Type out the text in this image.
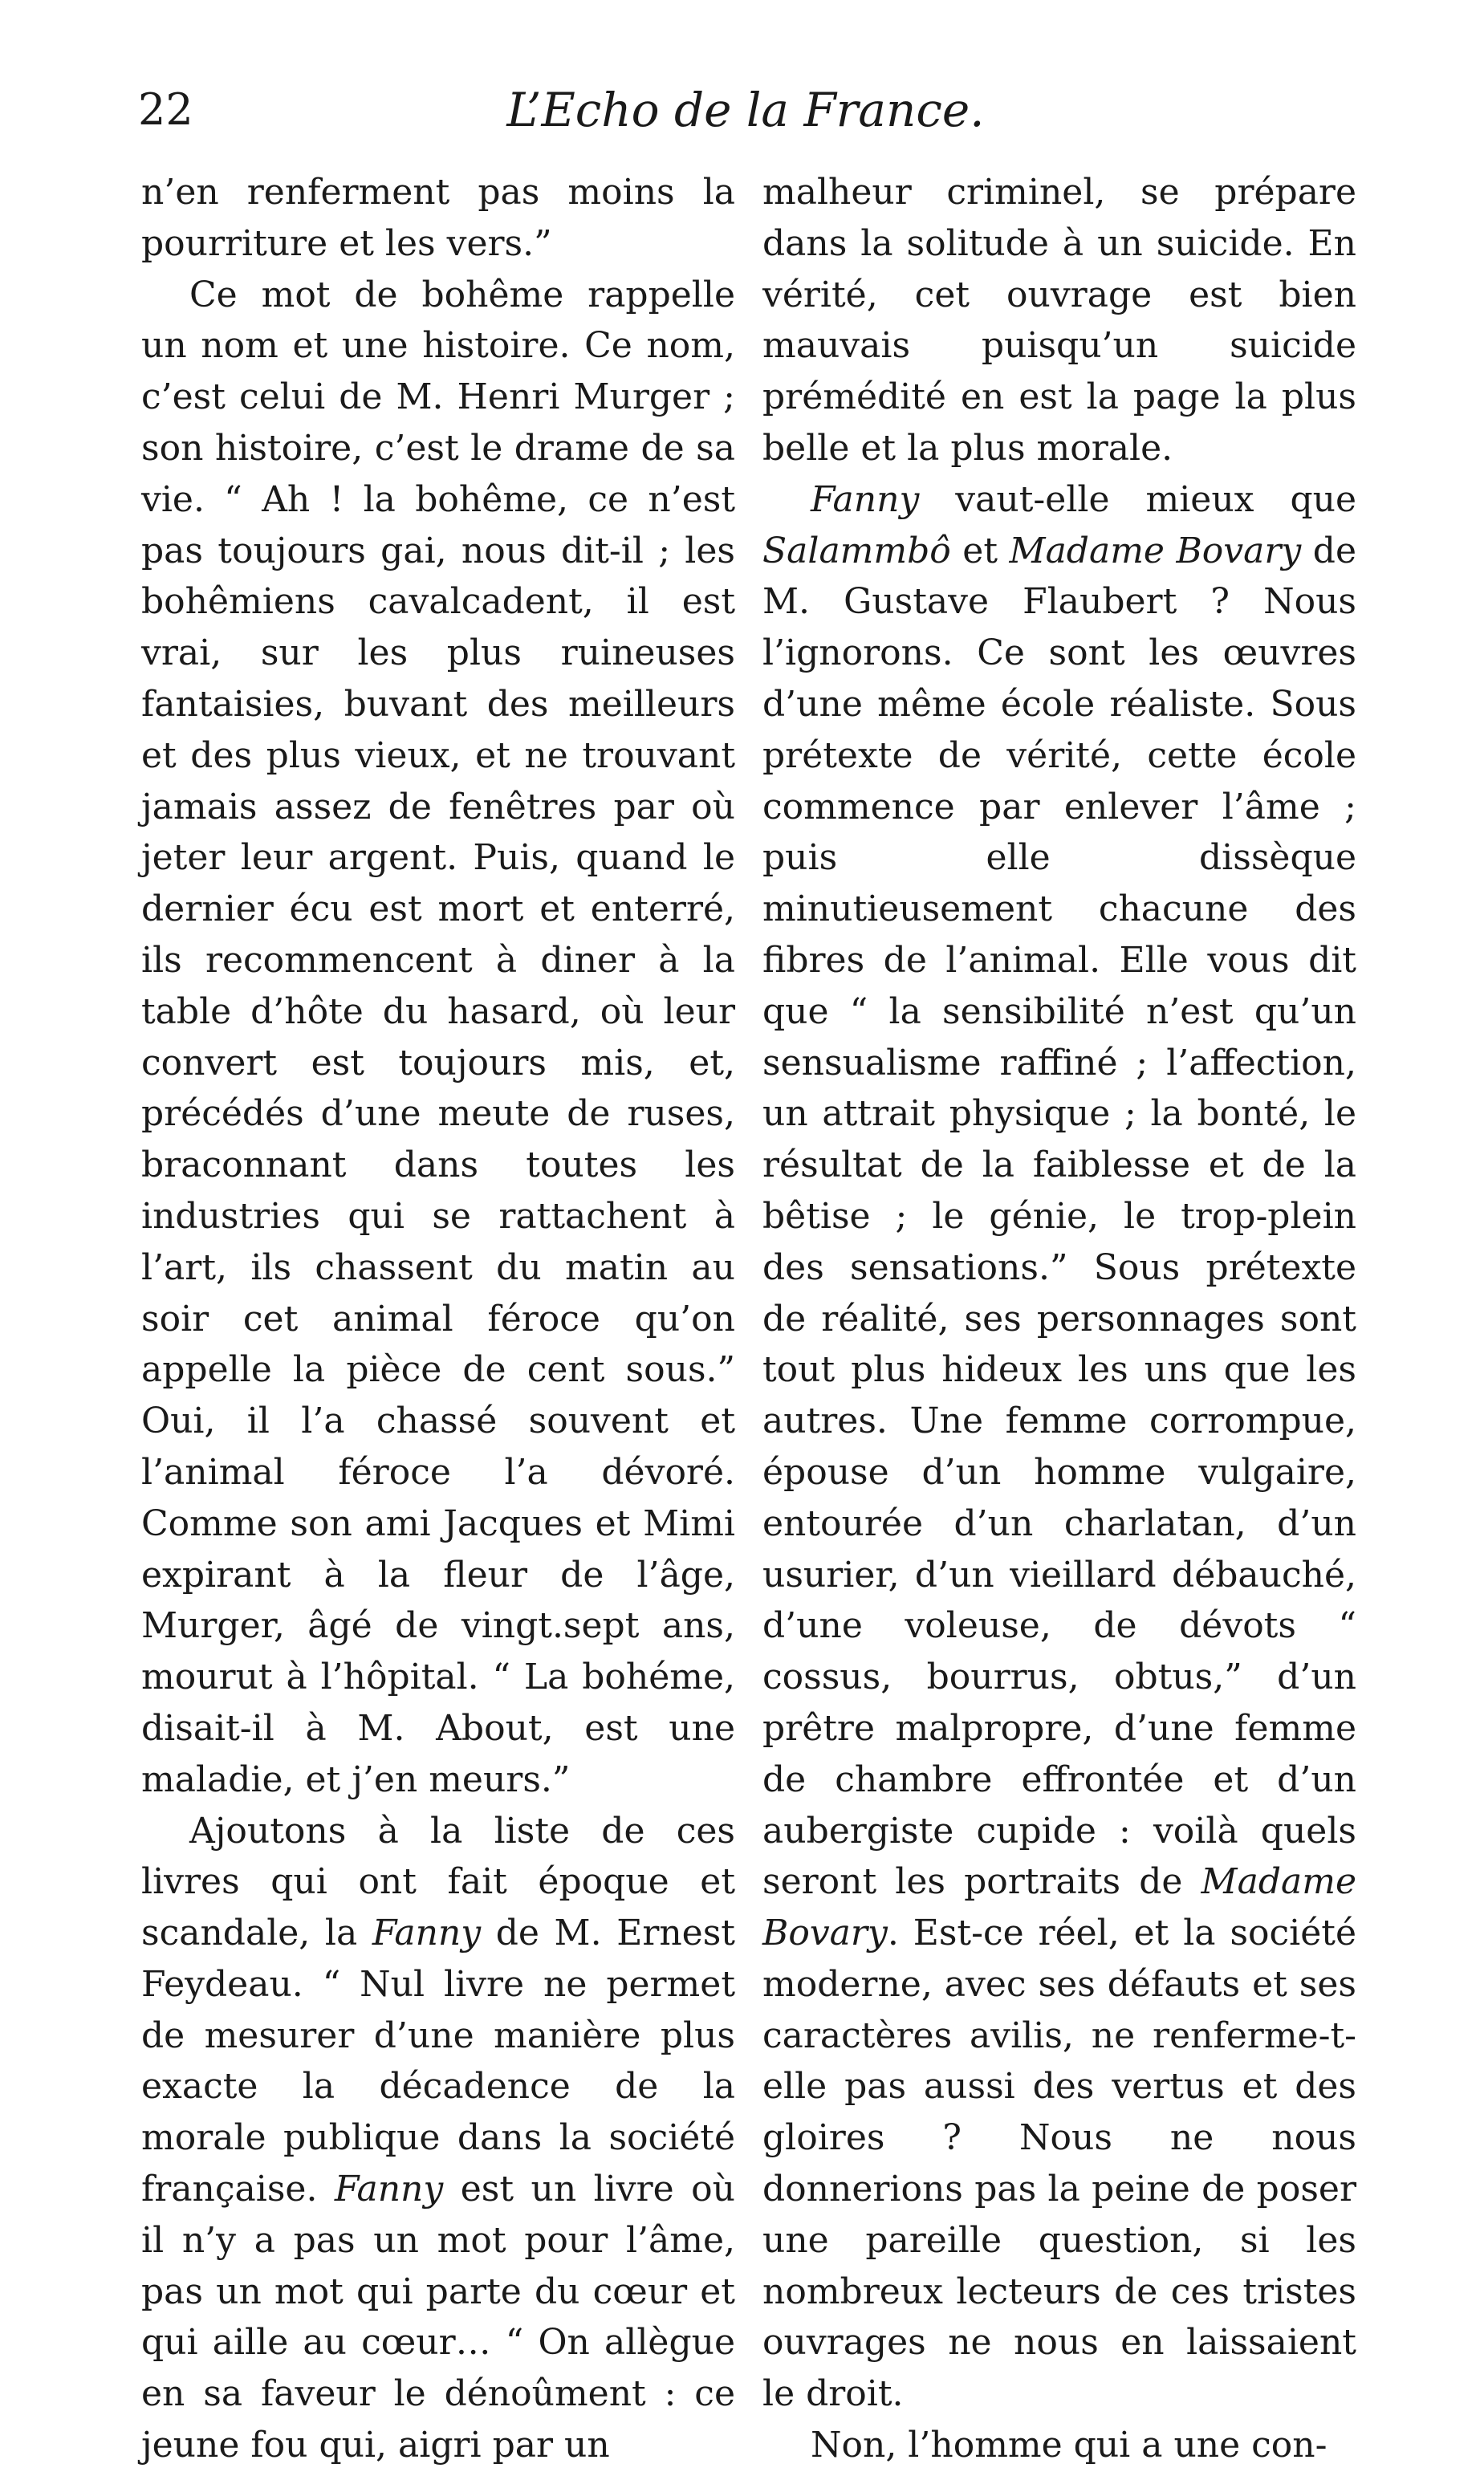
22	L’Echo de la France.

n’en renferment pas moins la pourriture et les vers.”

Ce mot de bohême rappelle un nom et une histoire. Ce nom, c’est celui de M. Henri Murger ; son histoire, c’est le drame de sa vie. “ Ah ! la bohême, ce n’est pas toujours gai, nous dit-il ; les bohêmiens cavalcadent, il est vrai, sur les plus ruineuses fantaisies, buvant des meilleurs et des plus vieux, et ne trouvant jamais assez de fenêtres par où jeter leur argent. Puis, quand le dernier écu est mort et enterré, ils recommencent à diner à la table d’hôte du hasard, où leur convert est toujours mis, et, précédés d’une meute de ruses, braconnant dans toutes les industries qui se rattachent à l’art, ils chassent du matin au soir cet animal féroce qu’on appelle la pièce de cent sous.” Oui, il l’a chassé souvent et l’animal féroce l’a dévoré. Comme son ami Jacques et Mimi expirant à la fleur de l’âge, Murger, âgé de vingt.sept ans, mourut à l’hôpital. “ La bohéme, disait-il à M. About, est une maladie, et j’en meurs.”

Ajoutons à la liste de ces livres qui ont fait époque et scandale, la Fanny de M. Ernest Feydeau. “ Nul livre ne permet de mesurer d’une manière plus exacte la décadence de la morale publique dans la société française. Fanny est un livre où il n’y a pas un mot pour l’âme, pas un mot qui parte du cœur et qui aille au cœur… “ On allègue en sa faveur le dénoûment : ce jeune fou qui, aigri par un

malheur criminel, se prépare dans la solitude à un suicide. En vérité, cet ouvrage est bien mauvais puisqu’un suicide prémédité en est la page la plus belle et la plus morale.

Fanny vaut-elle mieux que Salammbô et Madame Bovary de M. Gustave Flaubert ? Nous l’ignorons. Ce sont les œuvres d’une même école réaliste. Sous prétexte de vérité, cette école commence par enlever l’âme ; puis elle dissèque minutieusement chacune des fibres de l’animal. Elle vous dit que “ la sensibilité n’est qu’un sensualisme raffiné ; l’affection, un attrait physique ; la bonté, le résultat de la faiblesse et de la bêtise ; le génie, le trop-plein des sensations.” Sous prétexte de réalité, ses personnages sont tout plus hideux les uns que les autres. Une femme corrompue, épouse d’un homme vulgaire, entourée d’un charlatan, d’un usurier, d’un vieillard débauché, d’une voleuse, de dévots “ cossus, bourrus, obtus,” d’un prêtre malpropre, d’une femme de chambre effrontée et d’un aubergiste cupide : voilà quels seront les portraits de Madame Bovary. Est-ce réel, et la société moderne, avec ses défauts et ses caractères avilis, ne renferme-t-elle pas aussi des vertus et des gloires ? Nous ne nous donnerions pas la peine de poser une pareille question, si les nombreux lecteurs de ces tristes ouvrages ne nous en laissaient le droit.

Non, l’homme qui a une con-
